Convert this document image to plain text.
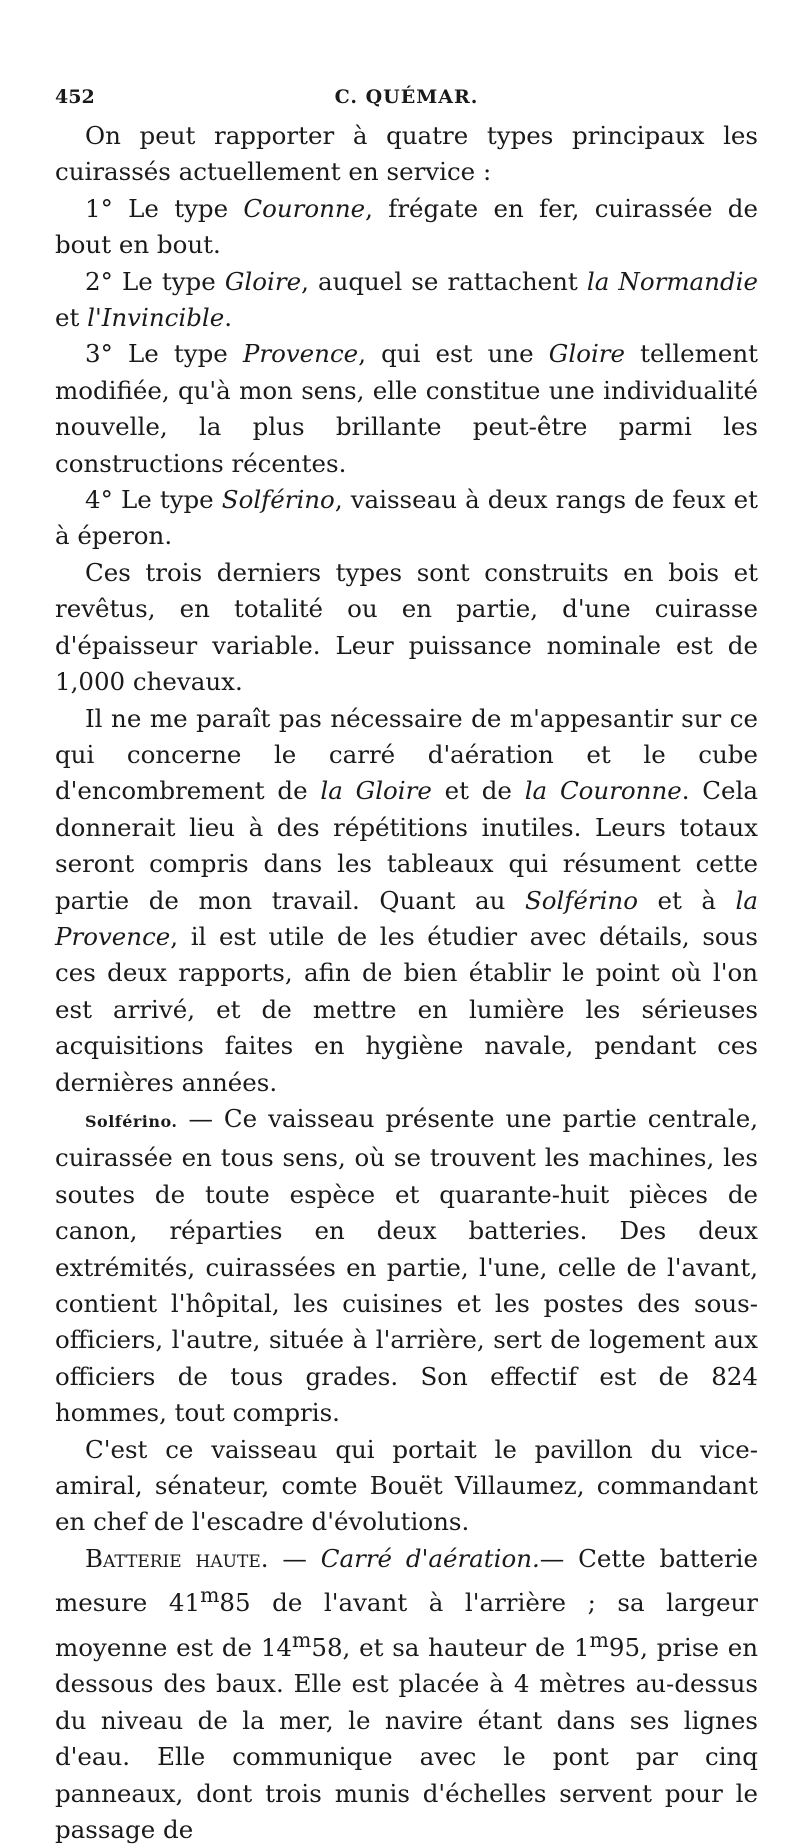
452	C. QUÉMAR.

On peut rapporter à quatre types principaux les cuirassés actuellement en service :

1° Le type Couronne, frégate en fer, cuirassée de bout en bout.

2° Le type Gloire, auquel se rattachent la Normandie et l'Invincible.

3° Le type Provence, qui est une Gloire tellement modifiée, qu'à mon sens, elle constitue une individualité nouvelle, la plus brillante peut-être parmi les constructions récentes.

4° Le type Solférino, vaisseau à deux rangs de feux et à éperon.

Ces trois derniers types sont construits en bois et revêtus, en totalité ou en partie, d'une cuirasse d'épaisseur variable. Leur puissance nominale est de 1,000 chevaux.

Il ne me paraît pas nécessaire de m'appesantir sur ce qui concerne le carré d'aération et le cube d'encombrement de la Gloire et de la Couronne. Cela donnerait lieu à des répétitions inutiles. Leurs totaux seront compris dans les tableaux qui résument cette partie de mon travail. Quant au Solférino et à la Provence, il est utile de les étudier avec détails, sous ces deux rapports, afin de bien établir le point où l'on est arrivé, et de mettre en lumière les sérieuses acquisitions faites en hygiène navale, pendant ces dernières années.

Solférino. — Ce vaisseau présente une partie centrale, cuirassée en tous sens, où se trouvent les machines, les soutes de toute espèce et quarante-huit pièces de canon, réparties en deux batteries. Des deux extrémités, cuirassées en partie, l'une, celle de l'avant, contient l'hôpital, les cuisines et les postes des sous-officiers, l'autre, située à l'arrière, sert de logement aux officiers de tous grades. Son effectif est de 824 hommes, tout compris.

C'est ce vaisseau qui portait le pavillon du vice-amiral, sénateur, comte Bouët Villaumez, commandant en chef de l'escadre d'évolutions.

Batterie haute. — Carré d'aération.— Cette batterie mesure 41$^m$85 de l'avant à l'arrière ; sa largeur moyenne est de 14$^m$58, et sa hauteur de 1$^m$95, prise en dessous des baux. Elle est placée à 4 mètres au-dessus du niveau de la mer, le navire étant dans ses lignes d'eau. Elle communique avec le pont par cinq panneaux, dont trois munis d'échelles servent pour le passage de
